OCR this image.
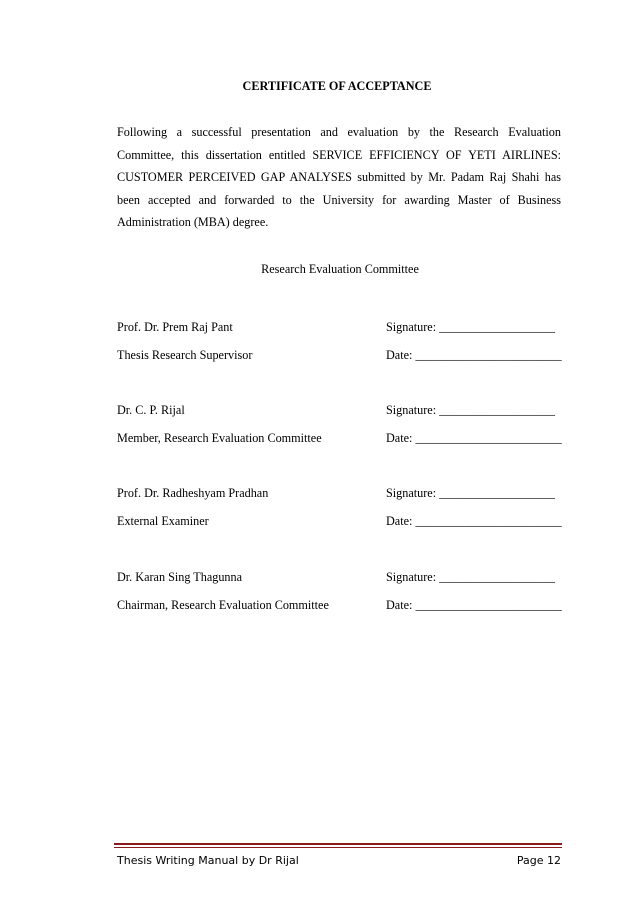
CERTIFICATE OF ACCEPTANCE
Following a successful presentation and evaluation by the Research Evaluation Committee, this dissertation entitled SERVICE EFFICIENCY OF YETI AIRLINES: CUSTOMER PERCEIVED GAP ANALYSES submitted by Mr. Padam Raj Shahi has been accepted and forwarded to the University for awarding Master of Business Administration (MBA) degree.
Research Evaluation Committee
Prof. Dr. Prem Raj Pant	Signature: ___________________
Thesis Research Supervisor	Date: ________________________
Dr. C. P. Rijal	Signature: ___________________
Member, Research Evaluation Committee	Date: ________________________
Prof. Dr. Radheshyam Pradhan	Signature: ___________________
External Examiner	Date: ________________________
Dr. Karan Sing Thagunna	Signature: ___________________
Chairman, Research Evaluation Committee	Date: ________________________
Thesis Writing Manual by Dr Rijal	Page 12
